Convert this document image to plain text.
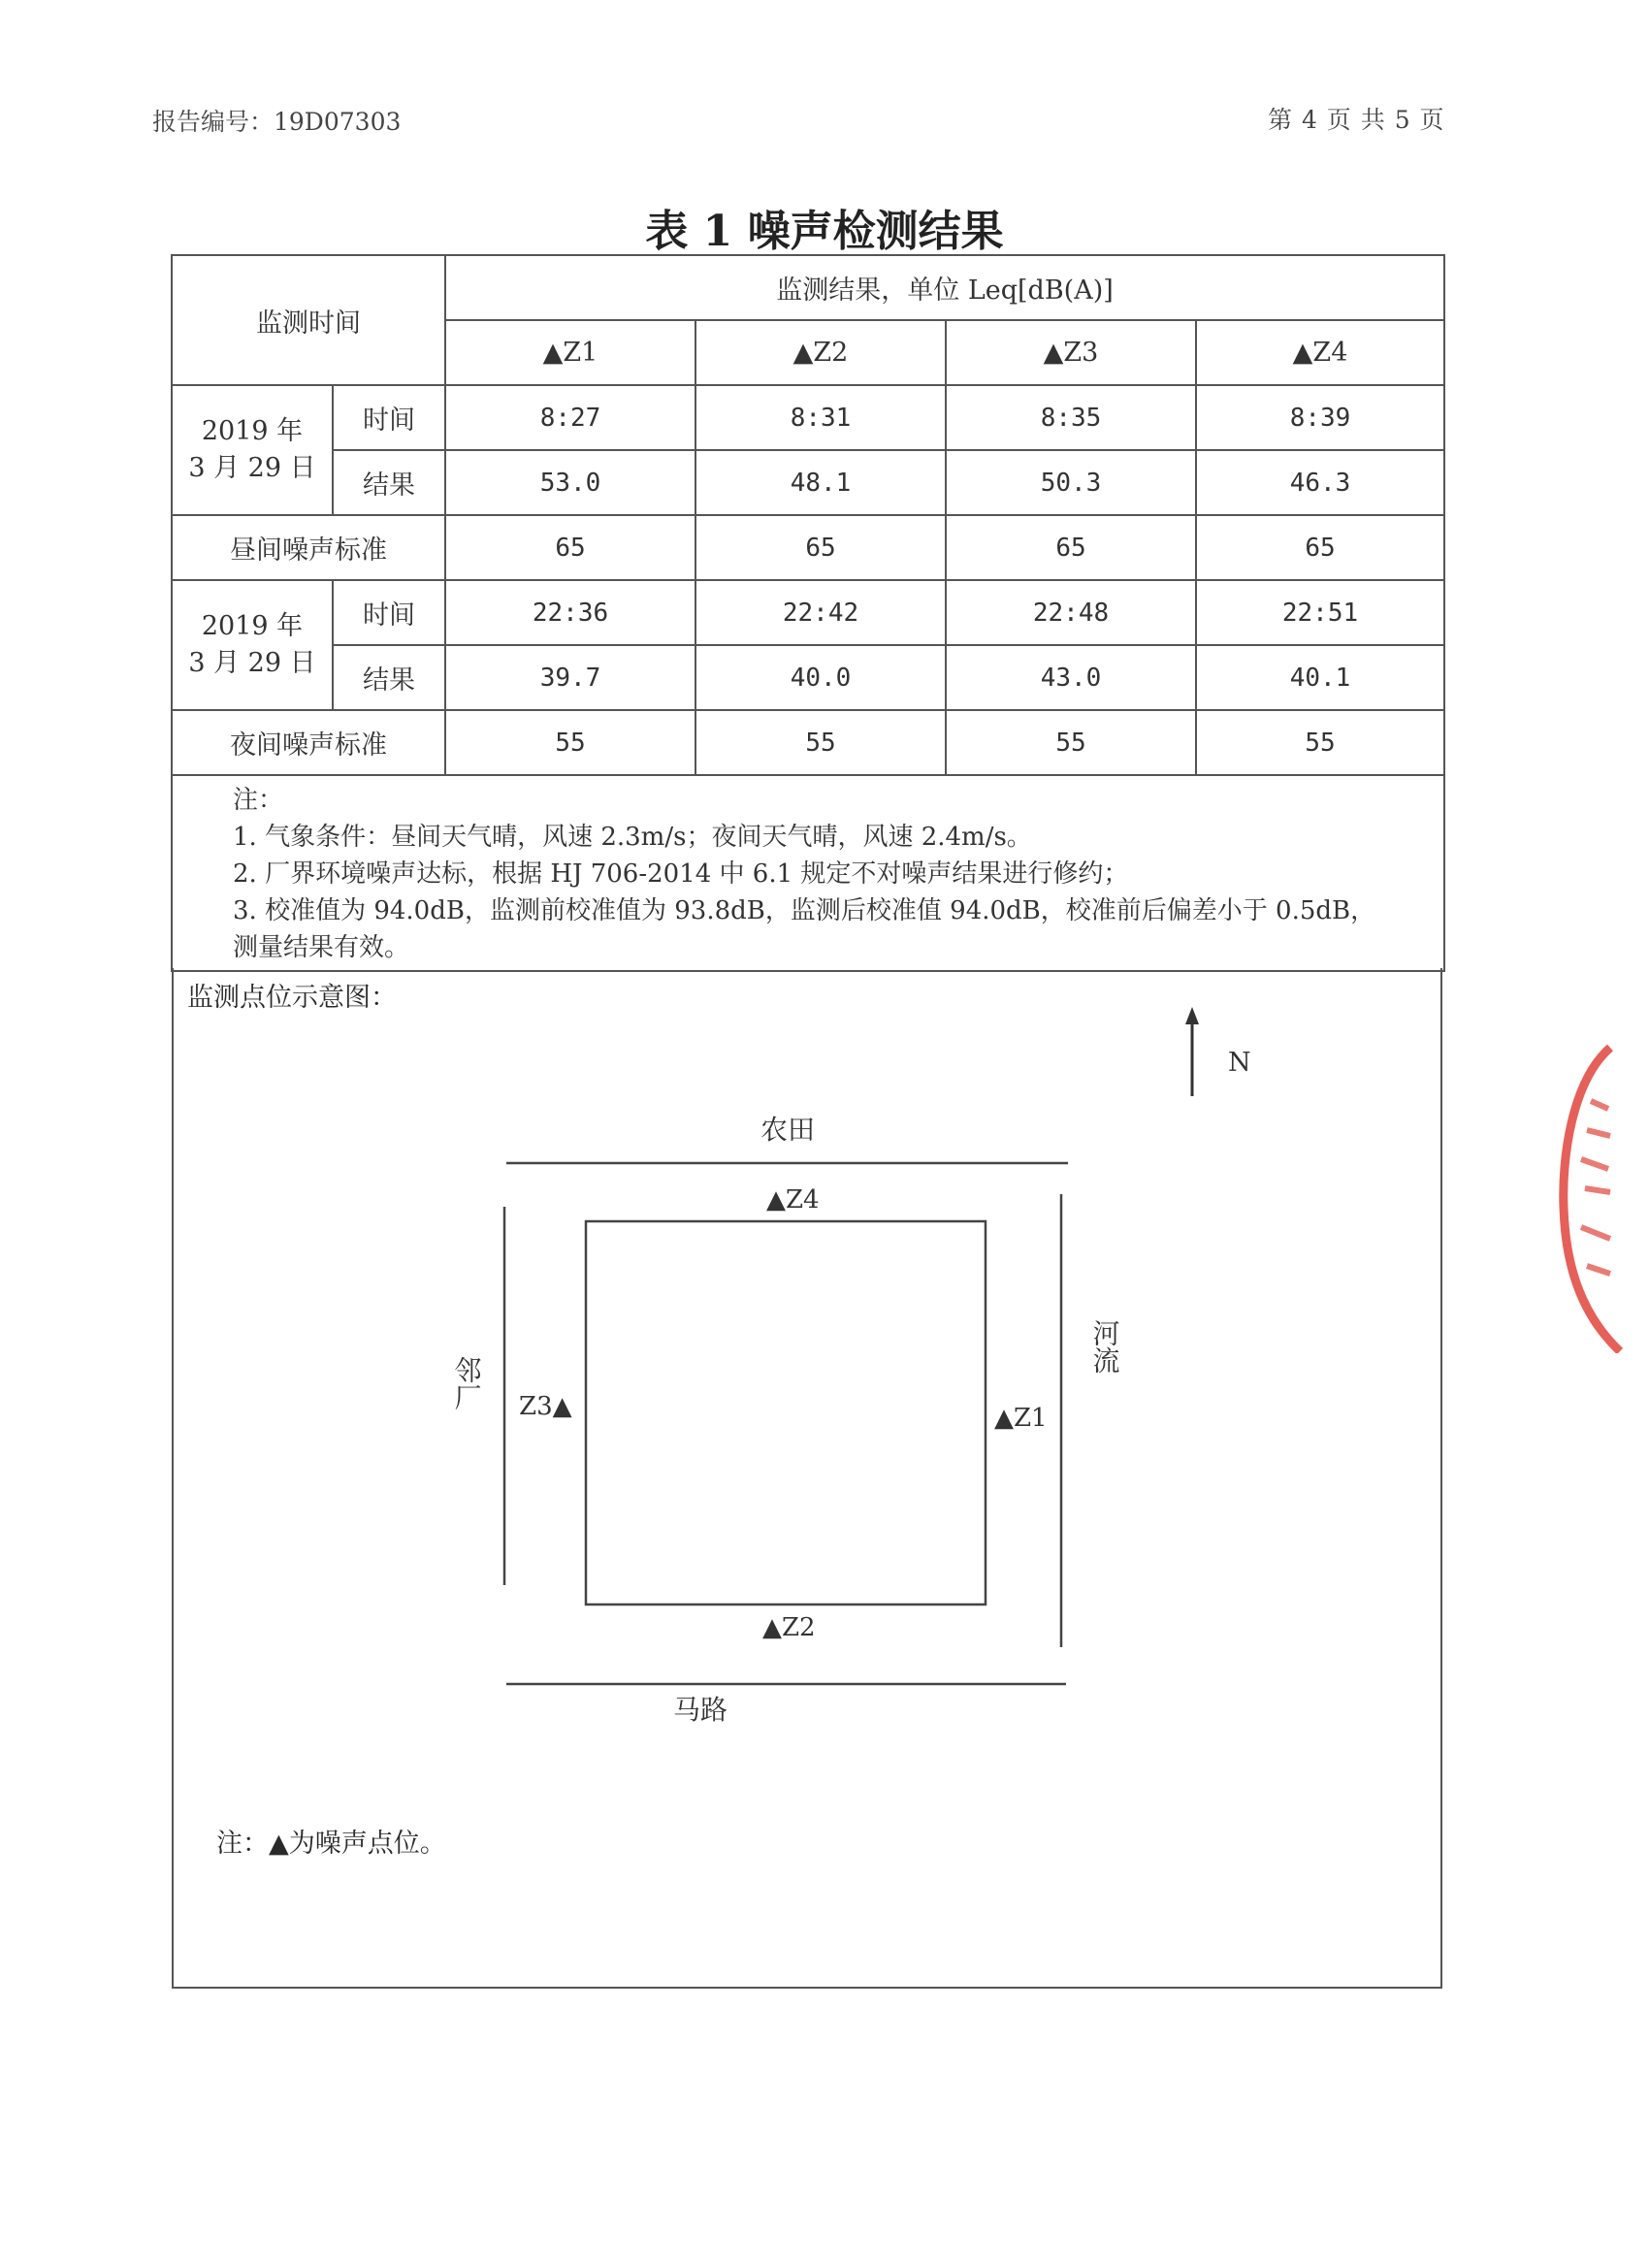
报告编号：19D07303	第 4 页 共 5 页
表 1 噪声检测结果
监测时间		监测结果，单位 Leq[dB(A)]			
		▲Z1	▲Z2	▲Z3	▲Z4

2019 年
3 月 29 日	时间	8:27	8:31	8:35	8:39
	结果	53.0	48.1	50.3	46.3
昼间噪声标准		65	65	65	65

2019 年
3 月 29 日	时间	22:36	22:42	22:48	22:51
	结果	39.7	40.0	43.0	40.1
夜间噪声标准		55	55	55	55

注：
1. 气象条件：昼间天气晴，风速 2.3m/s；夜间天气晴，风速 2.4m/s。
2. 厂界环境噪声达标，根据 HJ 706-2014 中 6.1 规定不对噪声结果进行修约；
3. 校准值为 94.0dB，监测前校准值为 93.8dB，监测后校准值 94.0dB，校准前后偏差小于 0.5dB，
测量结果有效。					
监测点位示意图：
N
农田
马路
邻厂
河流
▲Z4
▲Z2
Z3▲	▲Z1
注：▲为噪声点位。
